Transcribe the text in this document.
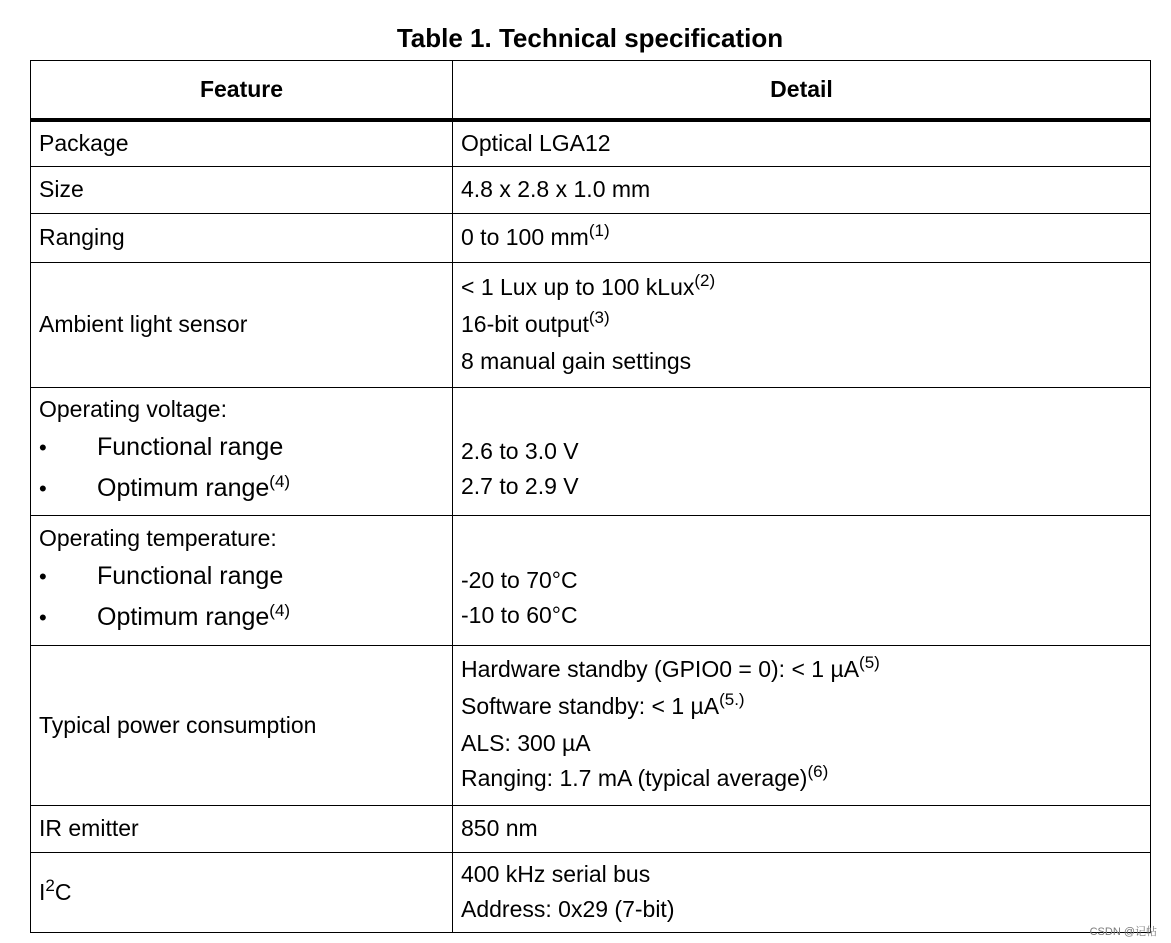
Table 1. Technical specification
Feature	Detail
Package	Optical LGA12
Size	4.8 x 2.8 x 1.0 mm
Ranging	0 to 100 $mm^{(1)}$
Ambient light sensor	< 1 Lux up to 100 kLux$^{(2)}$
16-bit output$^{(3)}$
8 manual gain settings

Operating voltage:
• Functional range
• Optimum range$^{(4)}$	2.6 to 3.0 V
2.7 to 2.9 V

Operating temperature:
• Functional range
• Optimum range$^{(4)}$	-20 to 70°C
-10 to 60°C

Typical power consumption	Hardware standby (GPIO0 = 0): < 1 µA$^{(5)}$
Software standby: < 1 µA$^{(5.)}$
ALS: 300 µA
Ranging: 1.7 mA (typical average)$^{(6)}$

IR emitter	850 nm
$I^2C$	400 kHz serial bus
Address: 0x29 (7-bit)
CSDN @记帖
